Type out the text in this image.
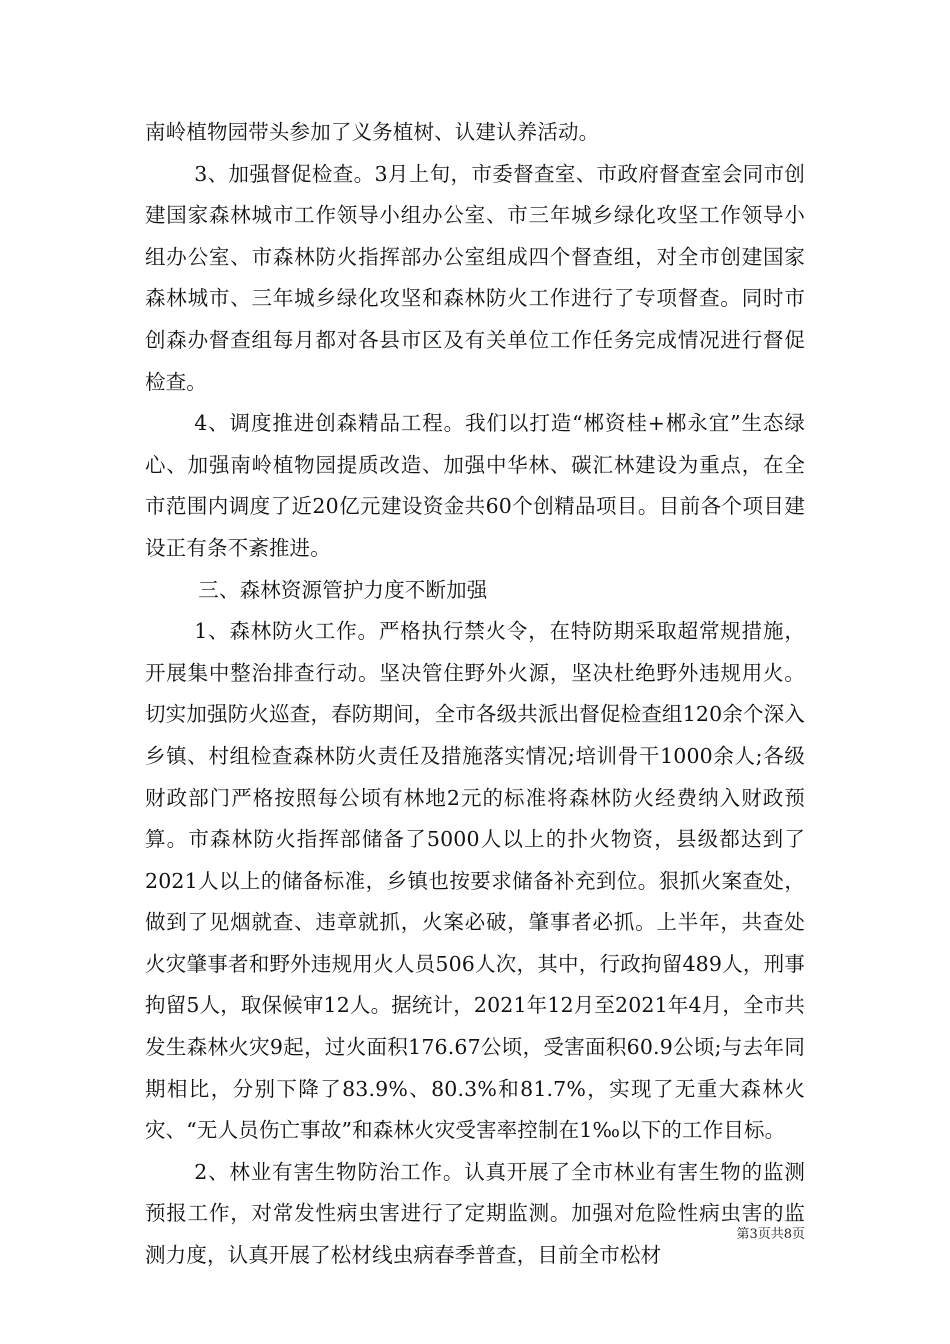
南岭植物园带头参加了义务植树、认建认养活动。

3、加强督促检查。3月上旬，市委督查室、市政府督查室会同市创建国家森林城市工作领导小组办公室、市三年城乡绿化攻坚工作领导小组办公室、市森林防火指挥部办公室组成四个督查组，对全市创建国家森林城市、三年城乡绿化攻坚和森林防火工作进行了专项督查。同时市创森办督查组每月都对各县市区及有关单位工作任务完成情况进行督促检查。

4、调度推进创森精品工程。我们以打造“郴资桂+郴永宜”生态绿心、加强南岭植物园提质改造、加强中华林、碳汇林建设为重点，在全市范围内调度了近20亿元建设资金共60个创精品项目。目前各个项目建设正有条不紊推进。

三、森林资源管护力度不断加强

1、森林防火工作。严格执行禁火令，在特防期采取超常规措施，开展集中整治排查行动。坚决管住野外火源，坚决杜绝野外违规用火。切实加强防火巡查，春防期间，全市各级共派出督促检查组120余个深入乡镇、村组检查森林防火责任及措施落实情况;培训骨干1000余人;各级财政部门严格按照每公顷有林地2元的标准将森林防火经费纳入财政预算。市森林防火指挥部储备了5000人以上的扑火物资，县级都达到了2021人以上的储备标准，乡镇也按要求储备补充到位。狠抓火案查处，做到了见烟就查、违章就抓，火案必破，肇事者必抓。上半年，共查处火灾肇事者和野外违规用火人员506人次，其中，行政拘留489人，刑事拘留5人，取保候审12人。据统计，2021年12月至2021年4月，全市共发生森林火灾9起，过火面积176.67公顷，受害面积60.9公顷;与去年同期相比，分别下降了83.9%、80.3%和81.7%，实现了无重大森林火灾、“无人员伤亡事故”和森林火灾受害率控制在1‰以下的工作目标。

2、林业有害生物防治工作。认真开展了全市林业有害生物的监测预报工作，对常发性病虫害进行了定期监测。加强对危险性病虫害的监测力度，认真开展了松材线虫病春季普查，目前全市松材

第3页共8页
